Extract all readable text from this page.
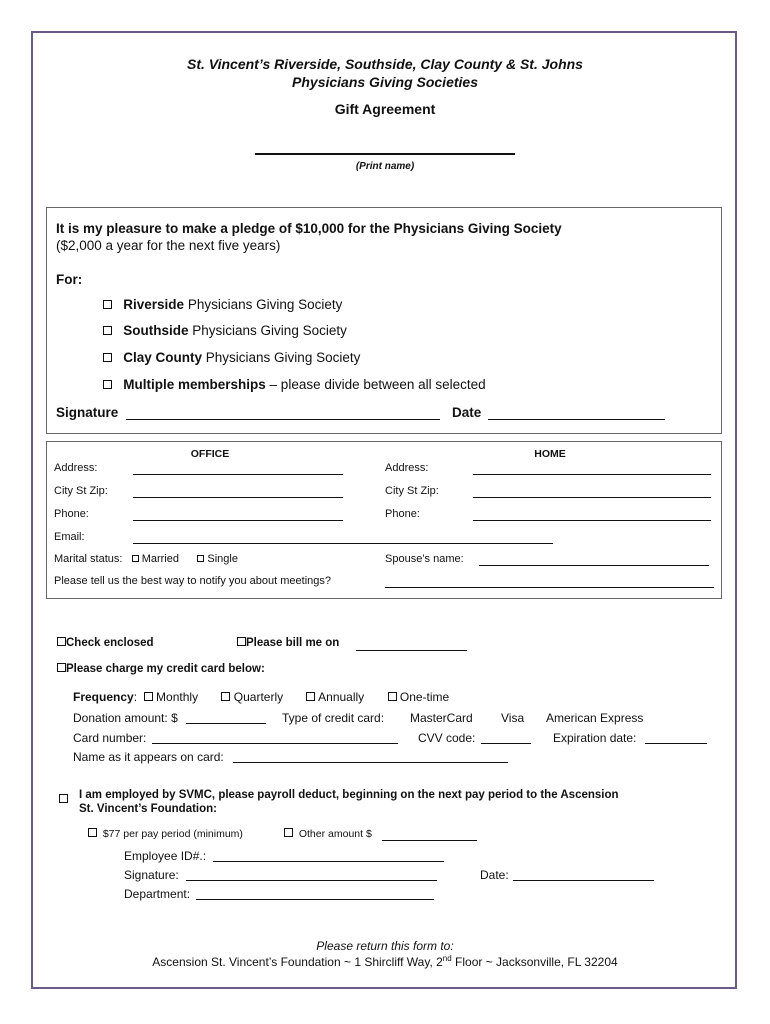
St. Vincent’s Riverside, Southside, Clay County & St. Johns
Physicians Giving Societies
Gift Agreement
(Print name)
It is my pleasure to make a pledge of $10,000 for the Physicians Giving Society
($2,000 a year for the next five years)
For:
Riverside Physicians Giving Society
Southside Physicians Giving Society
Clay County Physicians Giving Society
Multiple memberships – please divide between all selected
Signature	Date
OFFICE	HOME
Address:	Address:
City St Zip:	City St Zip:
Phone:	Phone:
Email:
Marital status: Married	Single	Spouse’s name:
Please tell us the best way to notify you about meetings?
Check enclosed	Please bill me on
Please charge my credit card below:
Frequency:   Monthly	Quarterly	Annually	One-time
Donation amount: $	Type of credit card: MasterCard Visa American Express
Card number:	CVV code:	Expiration date:
Name as it appears on card:
I am employed by SVMC, please payroll deduct, beginning on the next pay period to the Ascension
St. Vincent’s Foundation:
$77 per pay period (minimum)	Other amount $
Employee ID#.:
Signature:	Date:
Department:
Please return this form to:
Ascension St. Vincent’s Foundation ~ 1 Shircliff Way, 2nd Floor ~ Jacksonville, FL 32204
